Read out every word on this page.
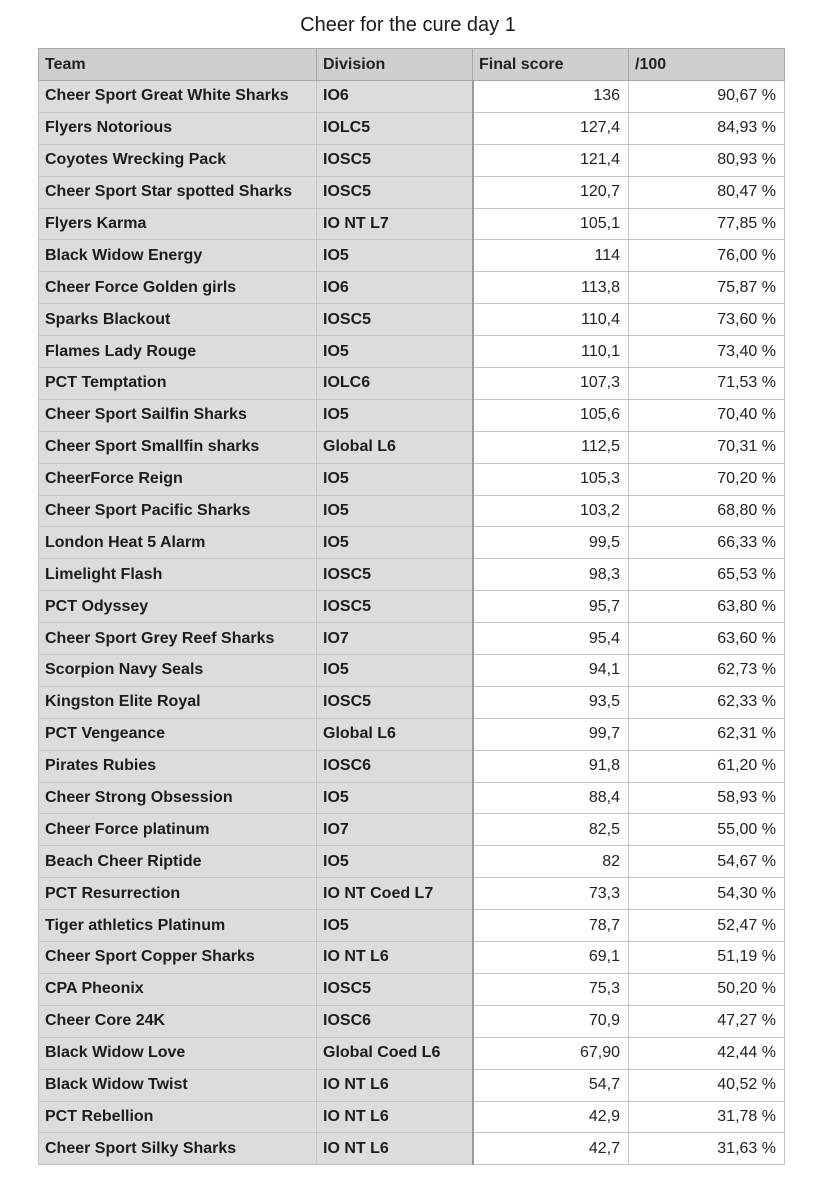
Cheer for the cure day 1
Team	Division	Final score	/100
Cheer Sport Great White Sharks	IO6	136	90,67 %
Flyers Notorious	IOLC5	127,4	84,93 %
Coyotes Wrecking Pack	IOSC5	121,4	80,93 %
Cheer Sport Star spotted Sharks	IOSC5	120,7	80,47 %
Flyers Karma	IO NT L7	105,1	77,85 %
Black Widow Energy	IO5	114	76,00 %
Cheer Force Golden girls	IO6	113,8	75,87 %
Sparks Blackout	IOSC5	110,4	73,60 %
Flames Lady Rouge	IO5	110,1	73,40 %
PCT Temptation	IOLC6	107,3	71,53 %
Cheer Sport Sailfin Sharks	IO5	105,6	70,40 %
Cheer Sport Smallfin sharks	Global L6	112,5	70,31 %
CheerForce Reign	IO5	105,3	70,20 %
Cheer Sport Pacific Sharks	IO5	103,2	68,80 %
London Heat 5 Alarm	IO5	99,5	66,33 %
Limelight Flash	IOSC5	98,3	65,53 %
PCT Odyssey	IOSC5	95,7	63,80 %
Cheer Sport Grey Reef Sharks	IO7	95,4	63,60 %
Scorpion Navy Seals	IO5	94,1	62,73 %
Kingston Elite Royal	IOSC5	93,5	62,33 %
PCT Vengeance	Global L6	99,7	62,31 %
Pirates Rubies	IOSC6	91,8	61,20 %
Cheer Strong Obsession	IO5	88,4	58,93 %
Cheer Force platinum	IO7	82,5	55,00 %
Beach Cheer Riptide	IO5	82	54,67 %
PCT Resurrection	IO NT Coed L7	73,3	54,30 %
Tiger athletics Platinum	IO5	78,7	52,47 %
Cheer Sport Copper Sharks	IO NT L6	69,1	51,19 %
CPA Pheonix	IOSC5	75,3	50,20 %
Cheer Core 24K	IOSC6	70,9	47,27 %
Black Widow Love	Global Coed L6	67,90	42,44 %
Black Widow Twist	IO NT L6	54,7	40,52 %
PCT Rebellion	IO NT L6	42,9	31,78 %
Cheer Sport Silky Sharks	IO NT L6	42,7	31,63 %
